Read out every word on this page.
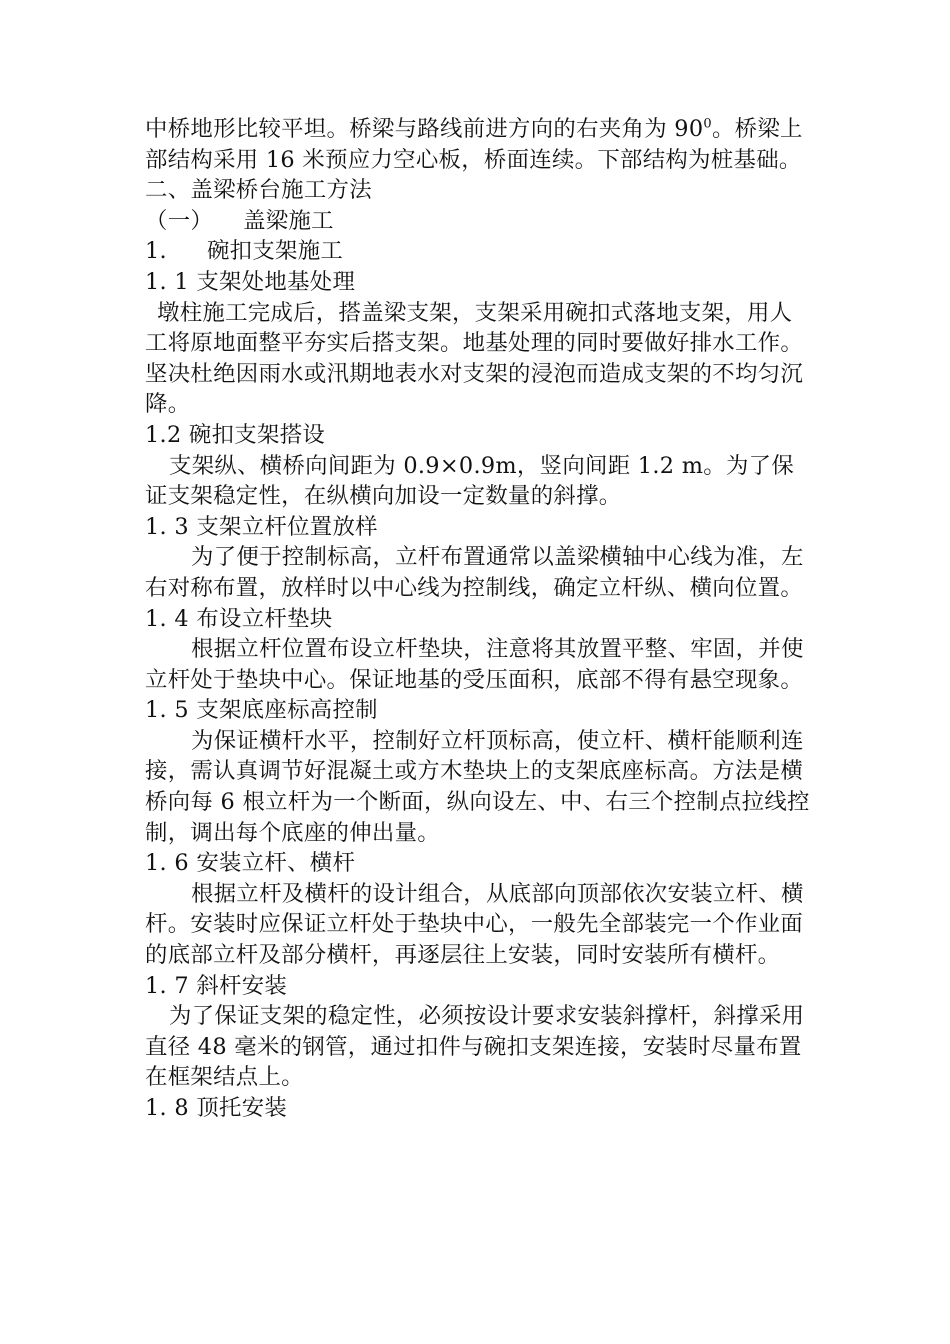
中桥地形比较平坦。桥梁与路线前进方向的右夹角为 $90^0$。桥梁上部结构采用 16 米预应力空心板，桥面连续。下部结构为桩基础。

二、盖梁桥台施工方法

（一） 盖梁施工

1. 碗扣支架施工

1. 1 支架处地基处理

墩柱施工完成后，搭盖梁支架，支架采用碗扣式落地支架，用人工将原地面整平夯实后搭支架。地基处理的同时要做好排水工作。坚决杜绝因雨水或汛期地表水对支架的浸泡而造成支架的不均匀沉降。

1.2 碗扣支架搭设

支架纵、横桥向间距为 0.9×0.9m，竖向间距 1.2 m。为了保证支架稳定性，在纵横向加设一定数量的斜撑。

1. 3 支架立杆位置放样

为了便于控制标高，立杆布置通常以盖梁横轴中心线为准，左右对称布置，放样时以中心线为控制线，确定立杆纵、横向位置。

1. 4 布设立杆垫块

根据立杆位置布设立杆垫块，注意将其放置平整、牢固，并使立杆处于垫块中心。保证地基的受压面积，底部不得有悬空现象。

1. 5 支架底座标高控制

为保证横杆水平，控制好立杆顶标高，使立杆、横杆能顺利连接，需认真调节好混凝土或方木垫块上的支架底座标高。方法是横桥向每 6 根立杆为一个断面，纵向设左、中、右三个控制点拉线控制，调出每个底座的伸出量。

1. 6 安装立杆、横杆

根据立杆及横杆的设计组合，从底部向顶部依次安装立杆、横杆。安装时应保证立杆处于垫块中心，一般先全部装完一个作业面的底部立杆及部分横杆，再逐层往上安装，同时安装所有横杆。

1. 7 斜杆安装

为了保证支架的稳定性，必须按设计要求安装斜撑杆，斜撑采用直径 48 毫米的钢管，通过扣件与碗扣支架连接，安装时尽量布置在框架结点上。

1. 8 顶托安装
